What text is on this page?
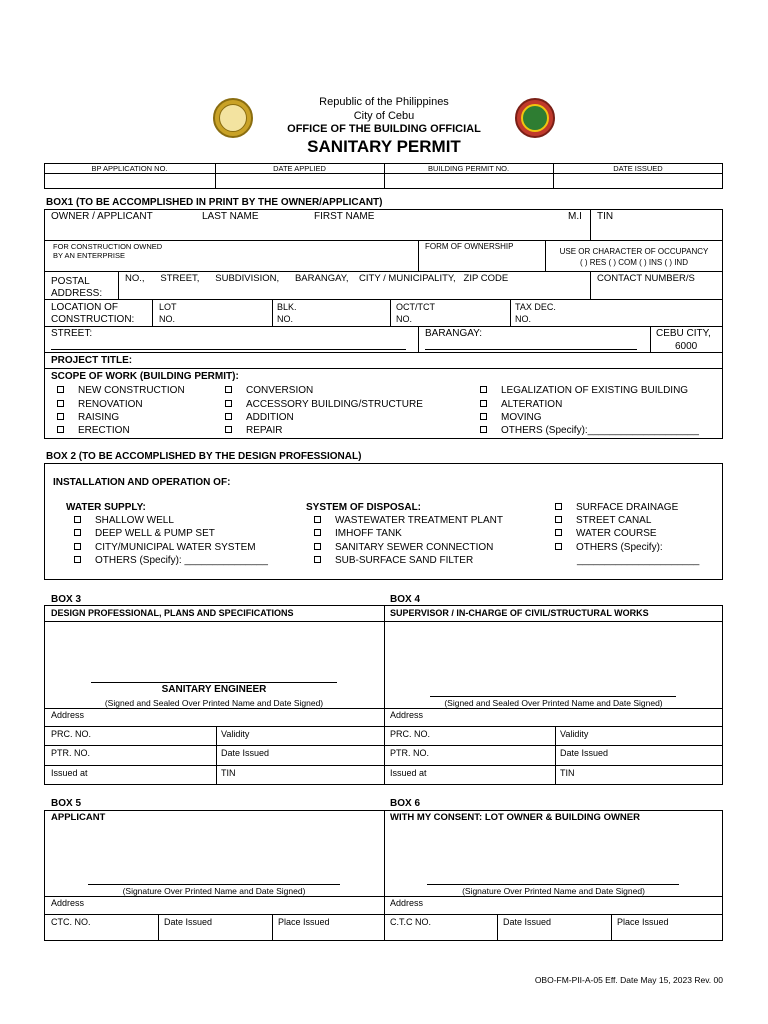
Republic of the Philippines
City of Cebu
OFFICE OF THE BUILDING OFFICIAL
SANITARY PERMIT
BP APPLICATION NO.	DATE APPLIED	BUILDING PERMIT NO.	DATE ISSUED
BOX1 (TO BE ACCOMPLISHED IN PRINT BY THE OWNER/APPLICANT)
OWNER / APPLICANT	LAST NAME	FIRST NAME	M.I TIN
FOR CONSTRUCTION OWNED
BY AN ENTERPRISE
FORM OF OWNERSHIP
USE OR CHARACTER OF OCCUPANCY
( ) RES ( ) COM ( ) INS ( ) IND
POSTAL
ADDRESS:
NO.,      STREET,      SUBDIVISION,      BARANGAY,    CITY / MUNICIPALITY,   ZIP CODE	CONTACT NUMBER/S
LOCATION OF
CONSTRUCTION:
LOT
NO.
BLK.
NO.
OCT/TCT
NO.
TAX DEC.
NO.
STREET:	BARANGAY:	CEBU CITY,
6000
PROJECT TITLE:
SCOPE OF WORK (BUILDING PERMIT):
NEW CONSTRUCTION
RENOVATION
RAISING
ERECTION
CONVERSION
ACCESSORY BUILDING/STRUCTURE
ADDITION
REPAIR
LEGALIZATION OF EXISTING BUILDING
ALTERATION
MOVING
OTHERS (Specify):____________________
BOX 2 (TO BE ACCOMPLISHED BY THE DESIGN PROFESSIONAL)
INSTALLATION AND OPERATION OF:
WATER SUPPLY:
SHALLOW WELL
DEEP WELL & PUMP SET
CITY/MUNICIPAL WATER SYSTEM
OTHERS (Specify): _______________
SYSTEM OF DISPOSAL:
WASTEWATER TREATMENT PLANT
IMHOFF TANK
SANITARY SEWER CONNECTION
SUB-SURFACE SAND FILTER
SURFACE DRAINAGE
STREET CANAL
WATER COURSE
OTHERS (Specify):
______________________
BOX 3	BOX 4
DESIGN PROFESSIONAL, PLANS AND SPECIFICATIONS	SUPERVISOR / IN-CHARGE OF CIVIL/STRUCTURAL WORKS
SANITARY ENGINEER
(Signed and Sealed Over Printed Name and Date Signed)	(Signed and Sealed Over Printed Name and Date Signed)
Address
PRC. NO.	Validity
PTR. NO.	Date Issued
Issued at	TIN
Address
PRC. NO.	Validity
PTR. NO.	Date Issued
Issued at	TIN
BOX 5	BOX 6
APPLICANT	WITH MY CONSENT: LOT OWNER & BUILDING OWNER
(Signature Over Printed Name and Date Signed)	(Signature Over Printed Name and Date Signed)
Address
CTC. NO.	Date Issued	Place Issued
Address
C.T.C NO.	Date Issued	Place Issued
OBO-FM-PII-A-05 Eff. Date May 15, 2023 Rev. 00
